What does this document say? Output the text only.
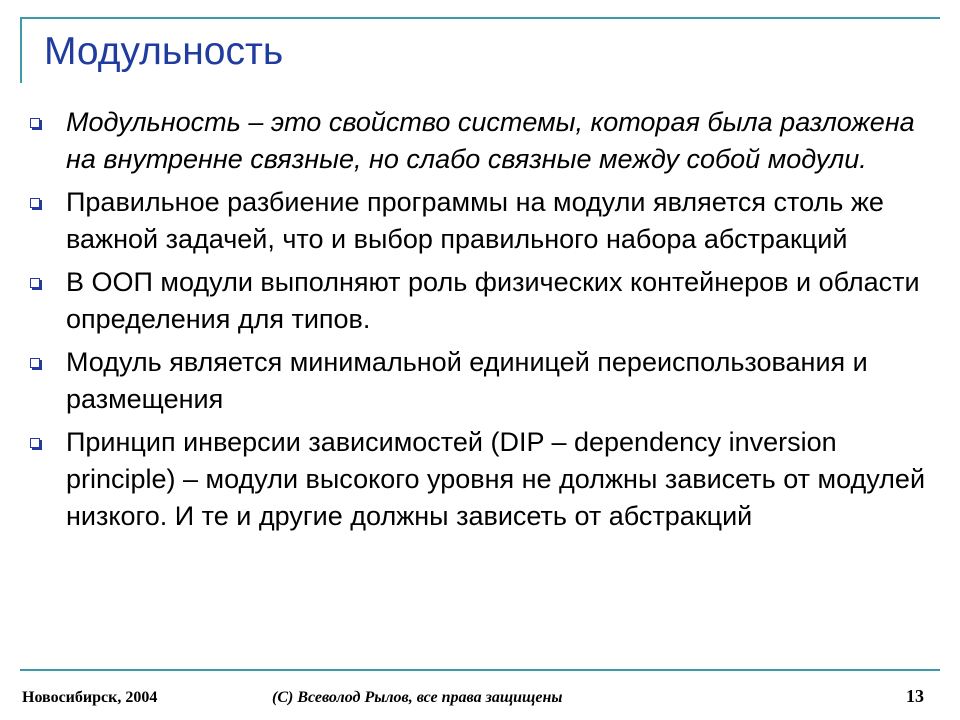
Модульность
Модульность – это свойство системы, которая была разложена на внутренне связные, но слабо связные между собой модули.
Правильное разбиение программы на модули является столь же важной задачей, что и выбор правильного набора абстракций
В ООП модули выполняют роль физических контейнеров и области определения для типов.
Модуль является минимальной единицей переиспользования и размещения
Принцип инверсии зависимостей (DIP – dependency inversion principle) – модули высокого уровня не должны зависеть от модулей низкого. И те и другие должны зависеть от абстракций
Новосибирск, 2004	(C) Всеволод Рылов, все права защищены	13
